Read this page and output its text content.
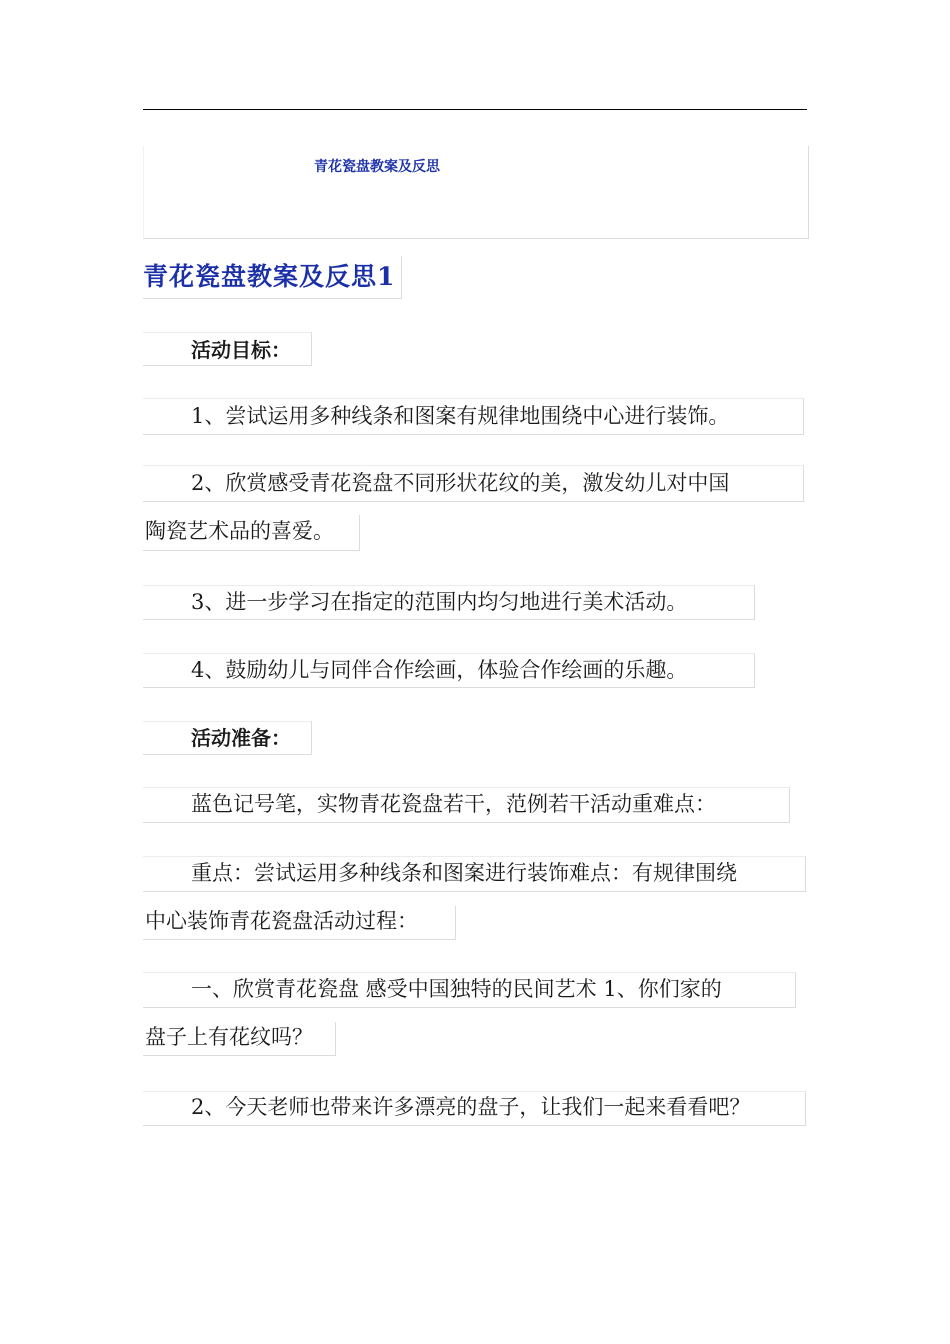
青花瓷盘教案及反思
青花瓷盘教案及反思1
活动目标：
1、尝试运用多种线条和图案有规律地围绕中心进行装饰。
2、欣赏感受青花瓷盘不同形状花纹的美，激发幼儿对中国
陶瓷艺术品的喜爱。
3、进一步学习在指定的范围内均匀地进行美术活动。
4、鼓励幼儿与同伴合作绘画，体验合作绘画的乐趣。
活动准备：
蓝色记号笔，实物青花瓷盘若干，范例若干活动重难点：
重点：尝试运用多种线条和图案进行装饰难点：有规律围绕
中心装饰青花瓷盘活动过程：
一、欣赏青花瓷盘 感受中国独特的民间艺术 1、你们家的
盘子上有花纹吗？
2、今天老师也带来许多漂亮的盘子，让我们一起来看看吧？
